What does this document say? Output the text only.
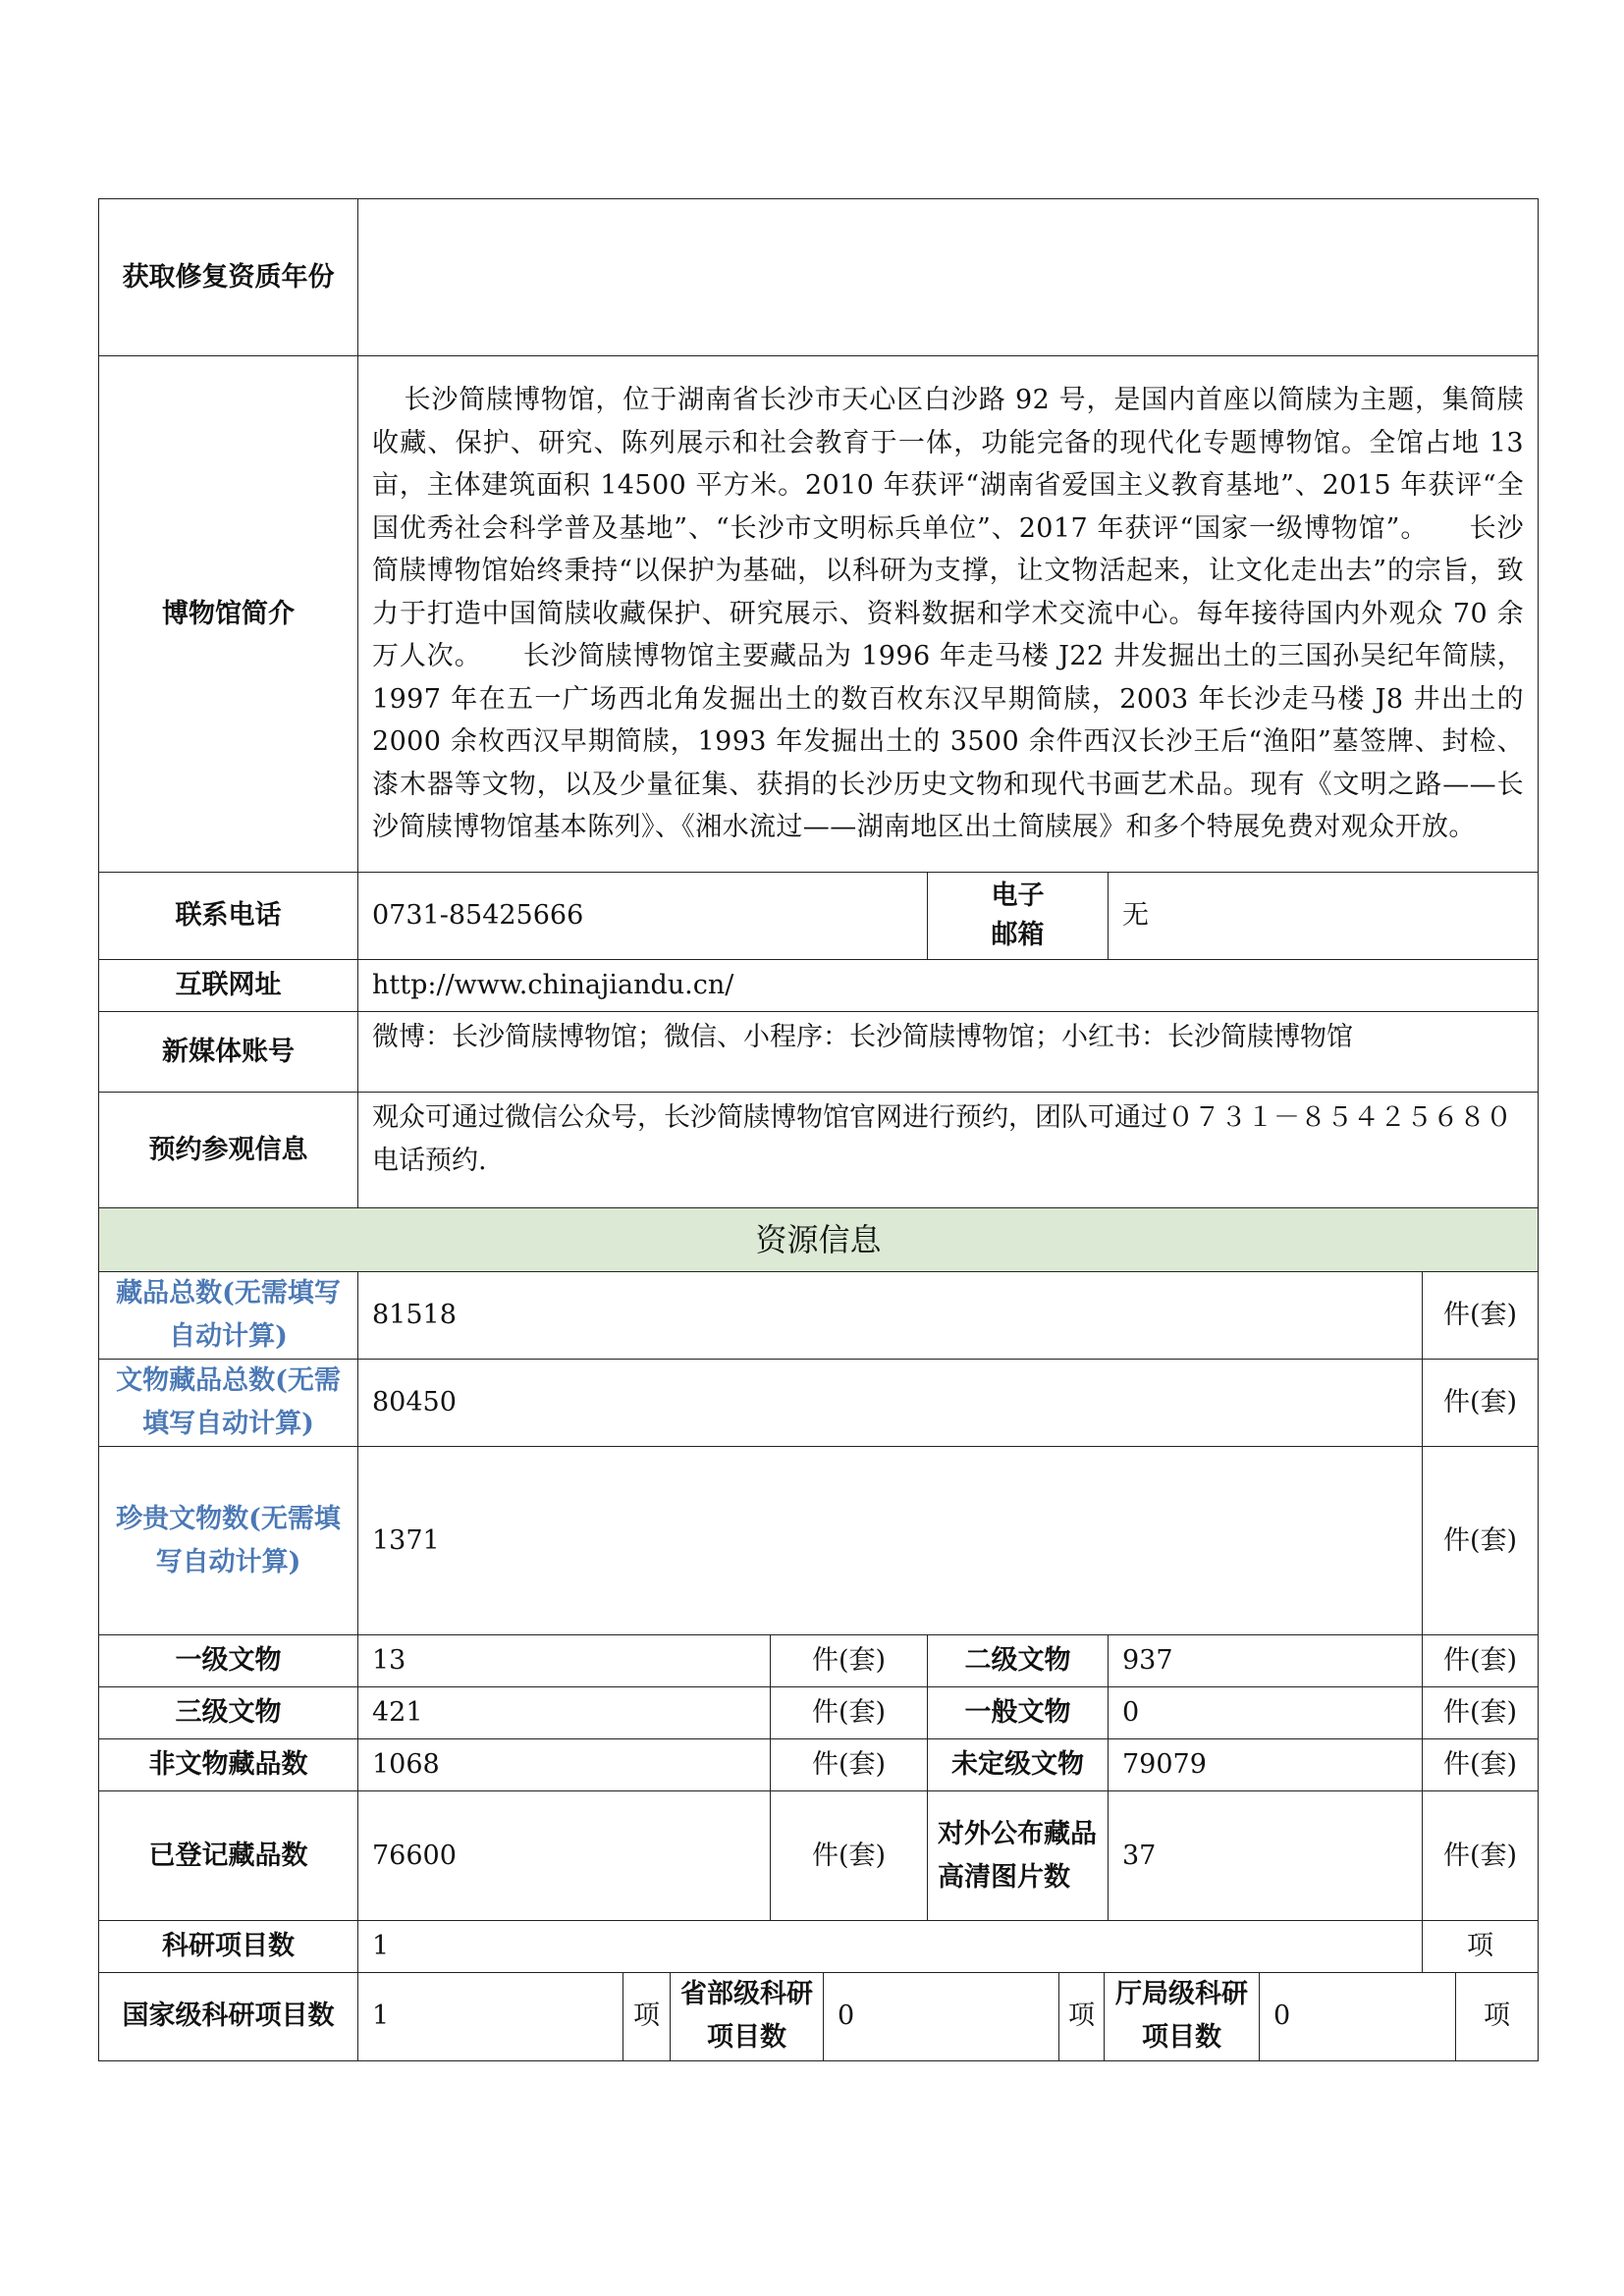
获取修复资质年份					
博物馆简介	长沙简牍博物馆，位于湖南省长沙市天心区白沙路 92 号，是国内首座以简牍为主题，集简牍收藏、保护、研究、陈列展示和社会教育于一体，功能完备的现代化专题博物馆。全馆占地 13 亩，主体建筑面积 14500 平方米。2010 年获评“湖南省爱国主义教育基地”、2015 年获评“全国优秀社会科学普及基地”、“长沙市文明标兵单位”、2017 年获评“国家一级博物馆”。　　长沙简牍博物馆始终秉持“以保护为基础，以科研为支撑，让文物活起来，让文化走出去”的宗旨，致力于打造中国简牍收藏保护、研究展示、资料数据和学术交流中心。每年接待国内外观众 70 余万人次。　　长沙简牍博物馆主要藏品为 1996 年走马楼 J22 井发掘出土的三国孙吴纪年简牍，1997 年在五一广场西北角发掘出土的数百枚东汉早期简牍，2003 年长沙走马楼 J8 井出土的 2000 余枚西汉早期简牍，1993 年发掘出土的 3500 余件西汉长沙王后“渔阳”墓签牌、封检、漆木器等文物，以及少量征集、获捐的长沙历史文物和现代书画艺术品。现有《文明之路——长沙简牍博物馆基本陈列》、《湘水流过——湖南地区出土简牍展》和多个特展免费对观众开放。				
联系电话	0731-85425666		电子邮箱	无	
互联网址	http://www.chinajiandu.cn/				
新媒体账号	微博：长沙简牍博物馆；微信、小程序：长沙简牍博物馆；小红书：长沙简牍博物馆				
预约参观信息	观众可通过微信公众号，长沙简牍博物馆官网进行预约，团队可通过０７３１－８５４２５６８０电话预约.				
资源信息					
藏品总数(无需填写自动计算)	81518				件(套)
文物藏品总数(无需填写自动计算)	80450				件(套)
珍贵文物数(无需填写自动计算)	1371				件(套)
一级文物	13	件(套)	二级文物	937	件(套)
三级文物	421	件(套)	一般文物	0	件(套)
非文物藏品数	1068	件(套)	未定级文物	79079	件(套)
已登记藏品数	76600	件(套)	对外公布藏品高清图片数	37	件(套)
科研项目数	1				项
国家级科研项目数	1	项	省部级科研项目数	0	项	厅局级科研项目数	0	项
